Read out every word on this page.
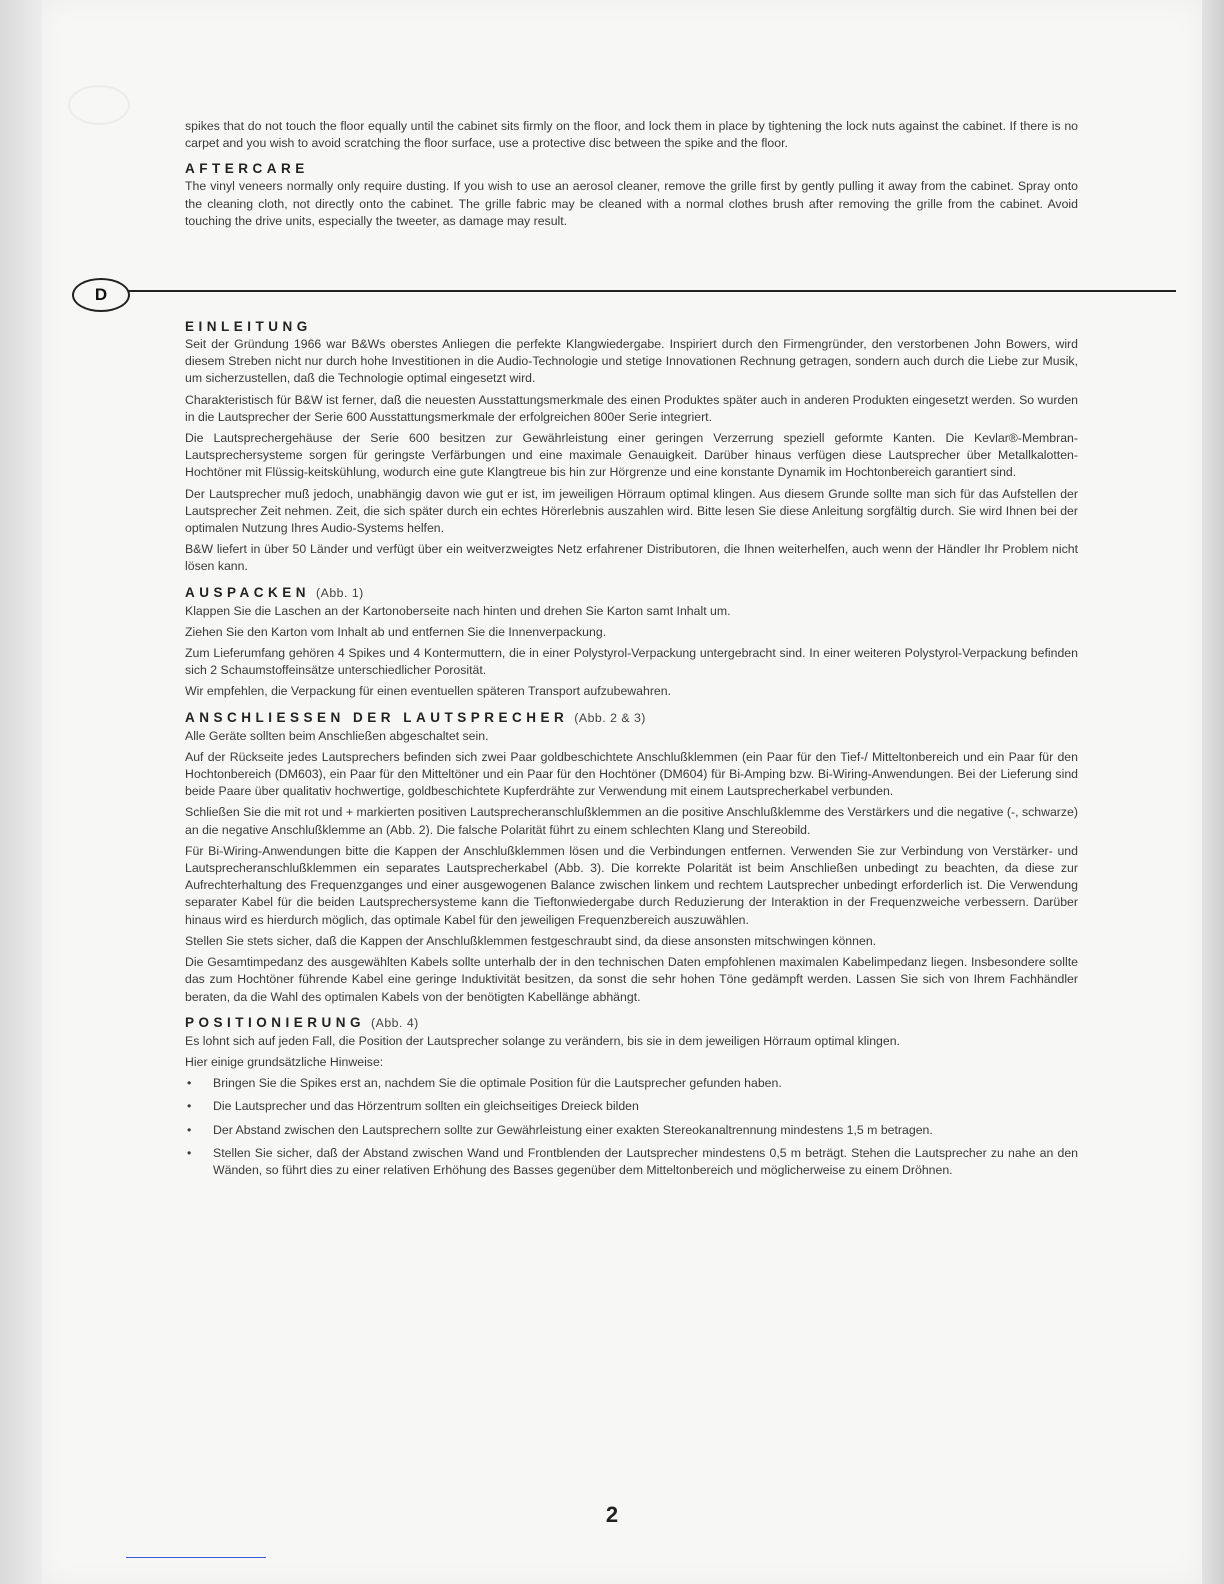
spikes that do not touch the floor equally until the cabinet sits firmly on the floor, and lock them in place by tightening the lock nuts against the cabinet. If there is no carpet and you wish to avoid scratching the floor surface, use a protective disc between the spike and the floor.

AFTERCARE

The vinyl veneers normally only require dusting. If you wish to use an aerosol cleaner, remove the grille first by gently pulling it away from the cabinet. Spray onto the cleaning cloth, not directly onto the cabinet. The grille fabric may be cleaned with a normal clothes brush after removing the grille from the cabinet. Avoid touching the drive units, especially the tweeter, as damage may result.

D
EINLEITUNG

Seit der Gründung 1966 war B&Ws oberstes Anliegen die perfekte Klangwiedergabe. Inspiriert durch den Firmengründer, den verstorbenen John Bowers, wird diesem Streben nicht nur durch hohe Investitionen in die Audio-Technologie und stetige Innovationen Rechnung getragen, sondern auch durch die Liebe zur Musik, um sicherzustellen, daß die Technologie optimal eingesetzt wird.

Charakteristisch für B&W ist ferner, daß die neuesten Ausstattungsmerkmale des einen Produktes später auch in anderen Produkten eingesetzt werden. So wurden in die Lautsprecher der Serie 600 Ausstattungsmerkmale der erfolgreichen 800er Serie integriert.

Die Lautsprechergehäuse der Serie 600 besitzen zur Gewährleistung einer geringen Verzerrung speziell geformte Kanten. Die Kevlar®-Membran-Lautsprechersysteme sorgen für geringste Verfärbungen und eine maximale Genauigkeit. Darüber hinaus verfügen diese Lautsprecher über Metallkalotten-Hochtöner mit Flüssig-keitskühlung, wodurch eine gute Klangtreue bis hin zur Hörgrenze und eine konstante Dynamik im Hochtonbereich garantiert sind.

Der Lautsprecher muß jedoch, unabhängig davon wie gut er ist, im jeweiligen Hörraum optimal klingen. Aus diesem Grunde sollte man sich für das Aufstellen der Lautsprecher Zeit nehmen. Zeit, die sich später durch ein echtes Hörerlebnis auszahlen wird. Bitte lesen Sie diese Anleitung sorgfältig durch. Sie wird Ihnen bei der optimalen Nutzung Ihres Audio-Systems helfen.

B&W liefert in über 50 Länder und verfügt über ein weitverzweigtes Netz erfahrener Distributoren, die Ihnen weiterhelfen, auch wenn der Händler Ihr Problem nicht lösen kann.

AUSPACKEN (Abb. 1)

Klappen Sie die Laschen an der Kartonoberseite nach hinten und drehen Sie Karton samt Inhalt um.

Ziehen Sie den Karton vom Inhalt ab und entfernen Sie die Innenverpackung.

Zum Lieferumfang gehören 4 Spikes und 4 Kontermuttern, die in einer Polystyrol-Verpackung untergebracht sind. In einer weiteren Polystyrol-Verpackung befinden sich 2 Schaumstoffeinsätze unterschiedlicher Porosität.

Wir empfehlen, die Verpackung für einen eventuellen späteren Transport aufzubewahren.

ANSCHLIESSEN DER LAUTSPRECHER (Abb. 2 & 3)

Alle Geräte sollten beim Anschließen abgeschaltet sein.

Auf der Rückseite jedes Lautsprechers befinden sich zwei Paar goldbeschichtete Anschlußklemmen (ein Paar für den Tief-/ Mitteltonbereich und ein Paar für den Hochtonbereich (DM603), ein Paar für den Mitteltöner und ein Paar für den Hochtöner (DM604) für Bi-Amping bzw. Bi-Wiring-Anwendungen. Bei der Lieferung sind beide Paare über qualitativ hochwertige, goldbeschichtete Kupferdrähte zur Verwendung mit einem Lautsprecherkabel verbunden.

Schließen Sie die mit rot und + markierten positiven Lautsprecheranschlußklemmen an die positive Anschlußklemme des Verstärkers und die negative (-, schwarze) an die negative Anschlußklemme an (Abb. 2). Die falsche Polarität führt zu einem schlechten Klang und Stereobild.

Für Bi-Wiring-Anwendungen bitte die Kappen der Anschlußklemmen lösen und die Verbindungen entfernen. Verwenden Sie zur Verbindung von Verstärker- und Lautsprecheranschlußklemmen ein separates Lautsprecherkabel (Abb. 3). Die korrekte Polarität ist beim Anschließen unbedingt zu beachten, da diese zur Aufrechterhaltung des Frequenzganges und einer ausgewogenen Balance zwischen linkem und rechtem Lautsprecher unbedingt erforderlich ist. Die Verwendung separater Kabel für die beiden Lautsprechersysteme kann die Tieftonwiedergabe durch Reduzierung der Interaktion in der Frequenzweiche verbessern. Darüber hinaus wird es hierdurch möglich, das optimale Kabel für den jeweiligen Frequenzbereich auszuwählen.

Stellen Sie stets sicher, daß die Kappen der Anschlußklemmen festgeschraubt sind, da diese ansonsten mitschwingen können.

Die Gesamtimpedanz des ausgewählten Kabels sollte unterhalb der in den technischen Daten empfohlenen maximalen Kabelimpedanz liegen. Insbesondere sollte das zum Hochtöner führende Kabel eine geringe Induktivität besitzen, da sonst die sehr hohen Töne gedämpft werden. Lassen Sie sich von Ihrem Fachhändler beraten, da die Wahl des optimalen Kabels von der benötigten Kabellänge abhängt.

POSITIONIERUNG (Abb. 4)

Es lohnt sich auf jeden Fall, die Position der Lautsprecher solange zu verändern, bis sie in dem jeweiligen Hörraum optimal klingen.

Hier einige grundsätzliche Hinweise:

• Bringen Sie die Spikes erst an, nachdem Sie die optimale Position für die Lautsprecher gefunden haben.
• Die Lautsprecher und das Hörzentrum sollten ein gleichseitiges Dreieck bilden
• Der Abstand zwischen den Lautsprechern sollte zur Gewährleistung einer exakten Stereokanaltrennung mindestens 1,5 m betragen.
• Stellen Sie sicher, daß der Abstand zwischen Wand und Frontblenden der Lautsprecher mindestens 0,5 m beträgt. Stehen die Lautsprecher zu nahe an den Wänden, so führt dies zu einer relativen Erhöhung des Basses gegenüber dem Mitteltonbereich und möglicherweise zu einem Dröhnen.
2
